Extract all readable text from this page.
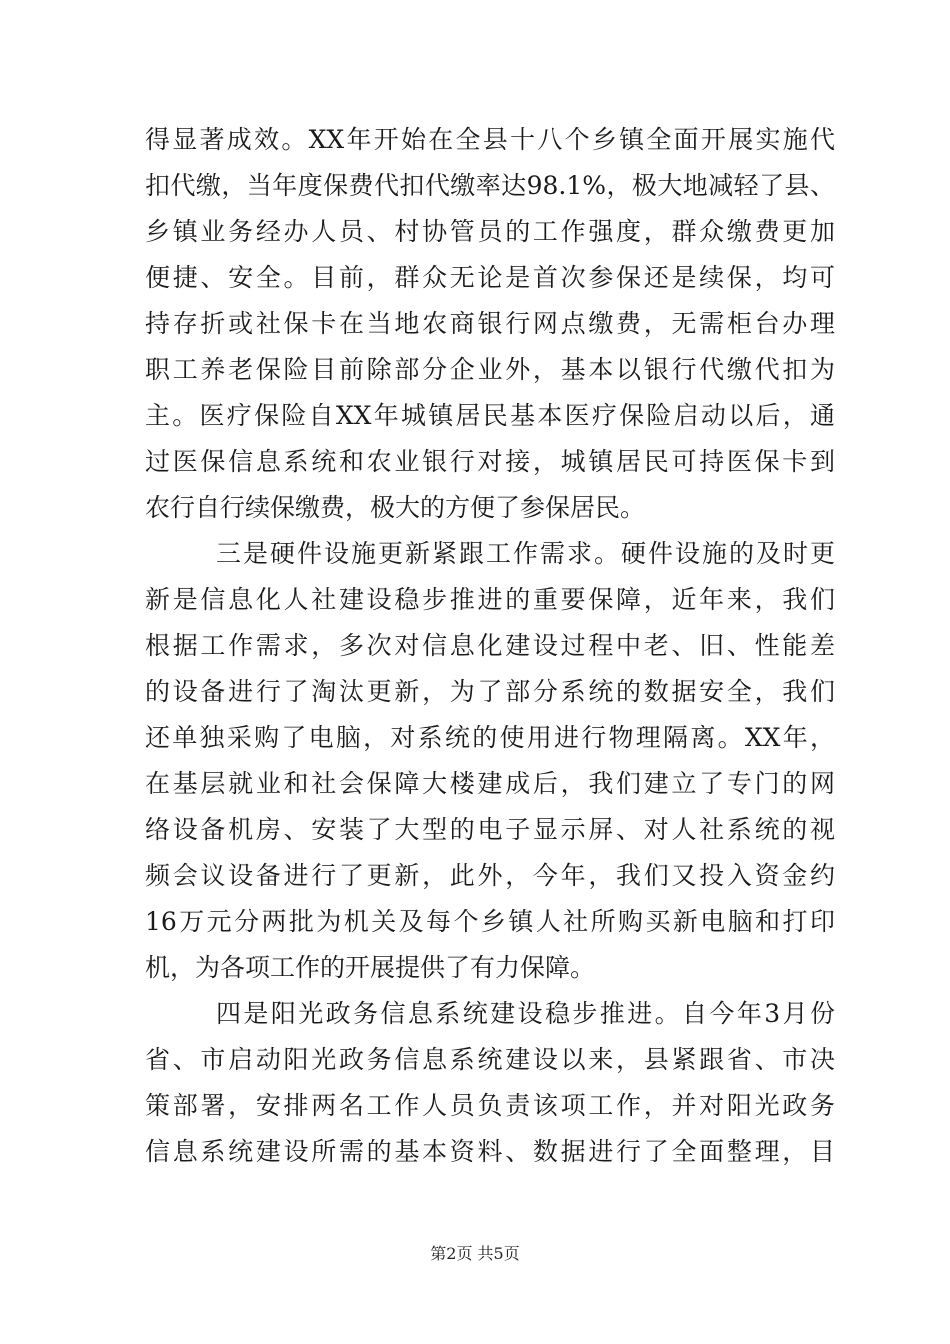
得显著成效。XX年开始在全县十八个乡镇全面开展实施代
扣代缴，当年度保费代扣代缴率达98.1%，极大地减轻了县、
乡镇业务经办人员、村协管员的工作强度，群众缴费更加
便捷、安全。目前，群众无论是首次参保还是续保，均可
持存折或社保卡在当地农商银行网点缴费，无需柜台办理
职工养老保险目前除部分企业外，基本以银行代缴代扣为
主。医疗保险自XX年城镇居民基本医疗保险启动以后，通
过医保信息系统和农业银行对接，城镇居民可持医保卡到
农行自行续保缴费，极大的方便了参保居民。
三是硬件设施更新紧跟工作需求。硬件设施的及时更
新是信息化人社建设稳步推进的重要保障，近年来，我们
根据工作需求，多次对信息化建设过程中老、旧、性能差
的设备进行了淘汰更新，为了部分系统的数据安全，我们
还单独采购了电脑，对系统的使用进行物理隔离。XX年，
在基层就业和社会保障大楼建成后，我们建立了专门的网
络设备机房、安装了大型的电子显示屏、对人社系统的视
频会议设备进行了更新，此外，今年，我们又投入资金约
16万元分两批为机关及每个乡镇人社所购买新电脑和打印
机，为各项工作的开展提供了有力保障。
四是阳光政务信息系统建设稳步推进。自今年3月份
省、市启动阳光政务信息系统建设以来，县紧跟省、市决
策部署，安排两名工作人员负责该项工作，并对阳光政务
信息系统建设所需的基本资料、数据进行了全面整理，目
第2页 共5页
